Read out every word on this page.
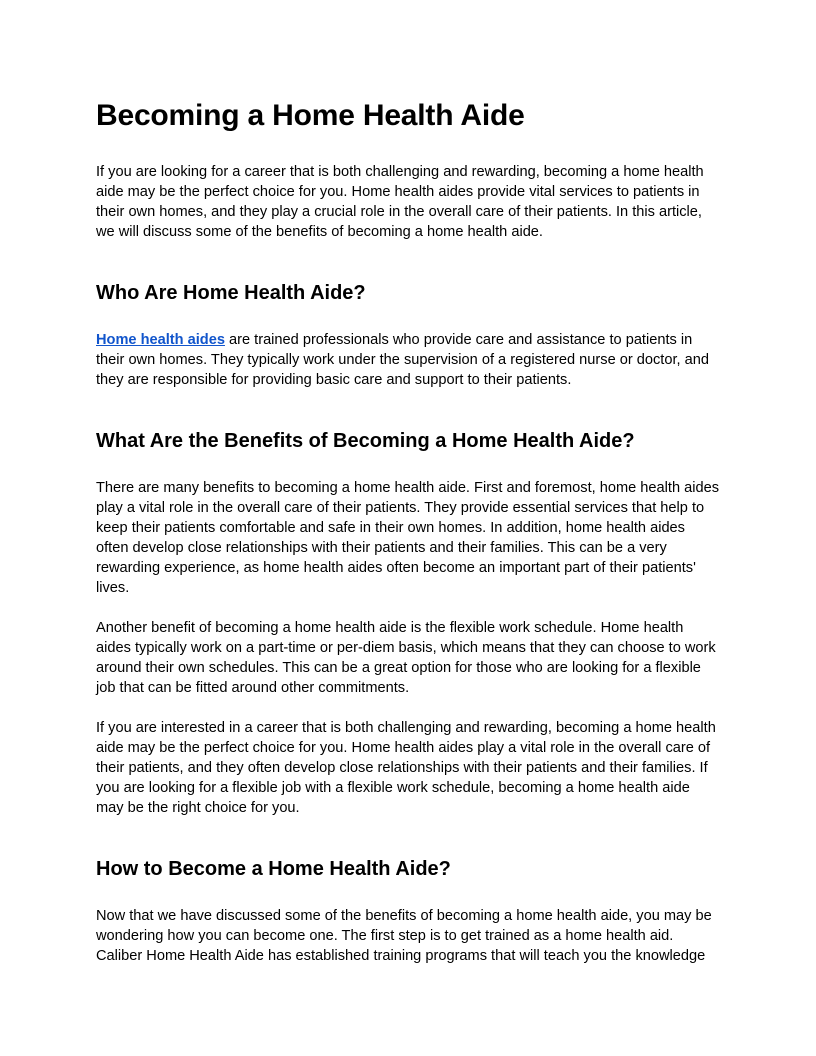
Becoming a Home Health Aide

If you are looking for a career that is both challenging and rewarding, becoming a home health aide may be the perfect choice for you. Home health aides provide vital services to patients in their own homes, and they play a crucial role in the overall care of their patients. In this article, we will discuss some of the benefits of becoming a home health aide.

Who Are Home Health Aide?

Home health aides are trained professionals who provide care and assistance to patients in their own homes. They typically work under the supervision of a registered nurse or doctor, and they are responsible for providing basic care and support to their patients.

What Are the Benefits of Becoming a Home Health Aide?

There are many benefits to becoming a home health aide. First and foremost, home health aides play a vital role in the overall care of their patients. They provide essential services that help to keep their patients comfortable and safe in their own homes. In addition, home health aides often develop close relationships with their patients and their families. This can be a very rewarding experience, as home health aides often become an important part of their patients' lives.

Another benefit of becoming a home health aide is the flexible work schedule. Home health aides typically work on a part-time or per-diem basis, which means that they can choose to work around their own schedules. This can be a great option for those who are looking for a flexible job that can be fitted around other commitments.

If you are interested in a career that is both challenging and rewarding, becoming a home health aide may be the perfect choice for you. Home health aides play a vital role in the overall care of their patients, and they often develop close relationships with their patients and their families. If you are looking for a flexible job with a flexible work schedule, becoming a home health aide may be the right choice for you.

How to Become a Home Health Aide?

Now that we have discussed some of the benefits of becoming a home health aide, you may be wondering how you can become one. The first step is to get trained as a home health aid. Caliber Home Health Aide has established training programs that will teach you the knowledge
